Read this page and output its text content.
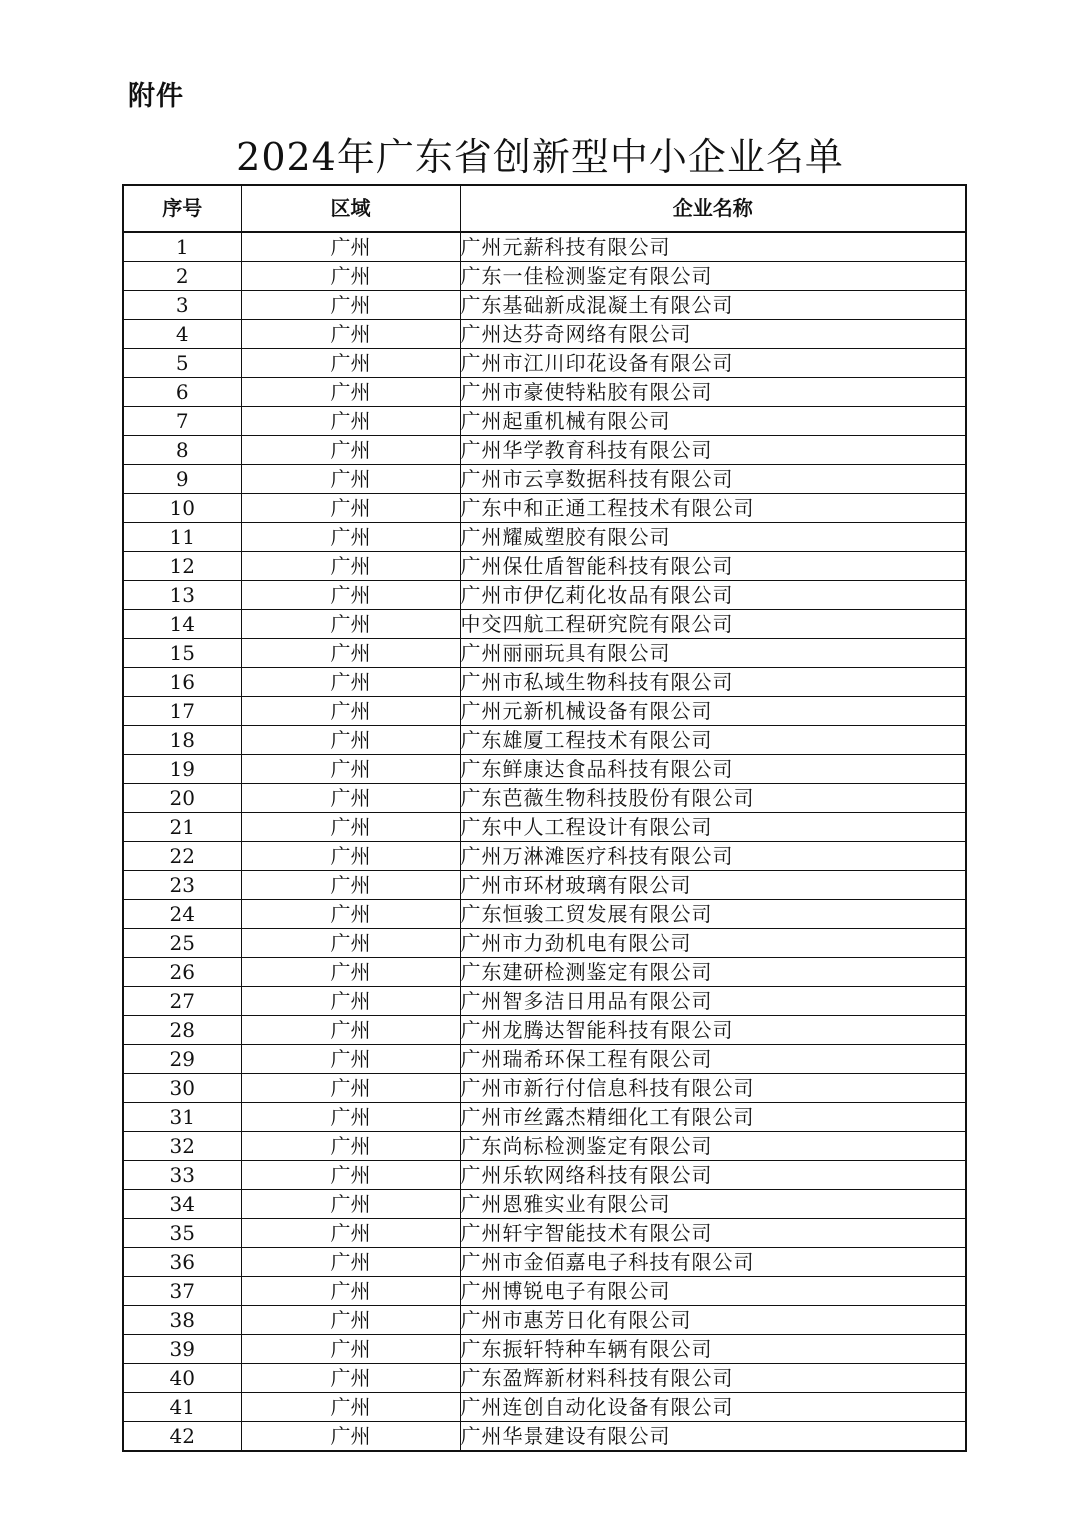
附件
2024年广东省创新型中小企业名单
序号	区域	企业名称
1	广州	广州元薪科技有限公司
2	广州	广东一佳检测鉴定有限公司
3	广州	广东基础新成混凝土有限公司
4	广州	广州达芬奇网络有限公司
5	广州	广州市江川印花设备有限公司
6	广州	广州市豪使特粘胶有限公司
7	广州	广州起重机械有限公司
8	广州	广州华学教育科技有限公司
9	广州	广州市云享数据科技有限公司
10	广州	广东中和正通工程技术有限公司
11	广州	广州耀威塑胶有限公司
12	广州	广州保仕盾智能科技有限公司
13	广州	广州市伊亿莉化妆品有限公司
14	广州	中交四航工程研究院有限公司
15	广州	广州丽丽玩具有限公司
16	广州	广州市私域生物科技有限公司
17	广州	广州元新机械设备有限公司
18	广州	广东雄厦工程技术有限公司
19	广州	广东鲜康达食品科技有限公司
20	广州	广东芭薇生物科技股份有限公司
21	广州	广东中人工程设计有限公司
22	广州	广州万淋滩医疗科技有限公司
23	广州	广州市环材玻璃有限公司
24	广州	广东恒骏工贸发展有限公司
25	广州	广州市力劲机电有限公司
26	广州	广东建研检测鉴定有限公司
27	广州	广州智多洁日用品有限公司
28	广州	广州龙腾达智能科技有限公司
29	广州	广州瑞希环保工程有限公司
30	广州	广州市新行付信息科技有限公司
31	广州	广州市丝露杰精细化工有限公司
32	广州	广东尚标检测鉴定有限公司
33	广州	广州乐软网络科技有限公司
34	广州	广州恩雅实业有限公司
35	广州	广州轩宇智能技术有限公司
36	广州	广州市金佰嘉电子科技有限公司
37	广州	广州博锐电子有限公司
38	广州	广州市惠芳日化有限公司
39	广州	广东振轩特种车辆有限公司
40	广州	广东盈辉新材料科技有限公司
41	广州	广州连创自动化设备有限公司
42	广州	广州华景建设有限公司
